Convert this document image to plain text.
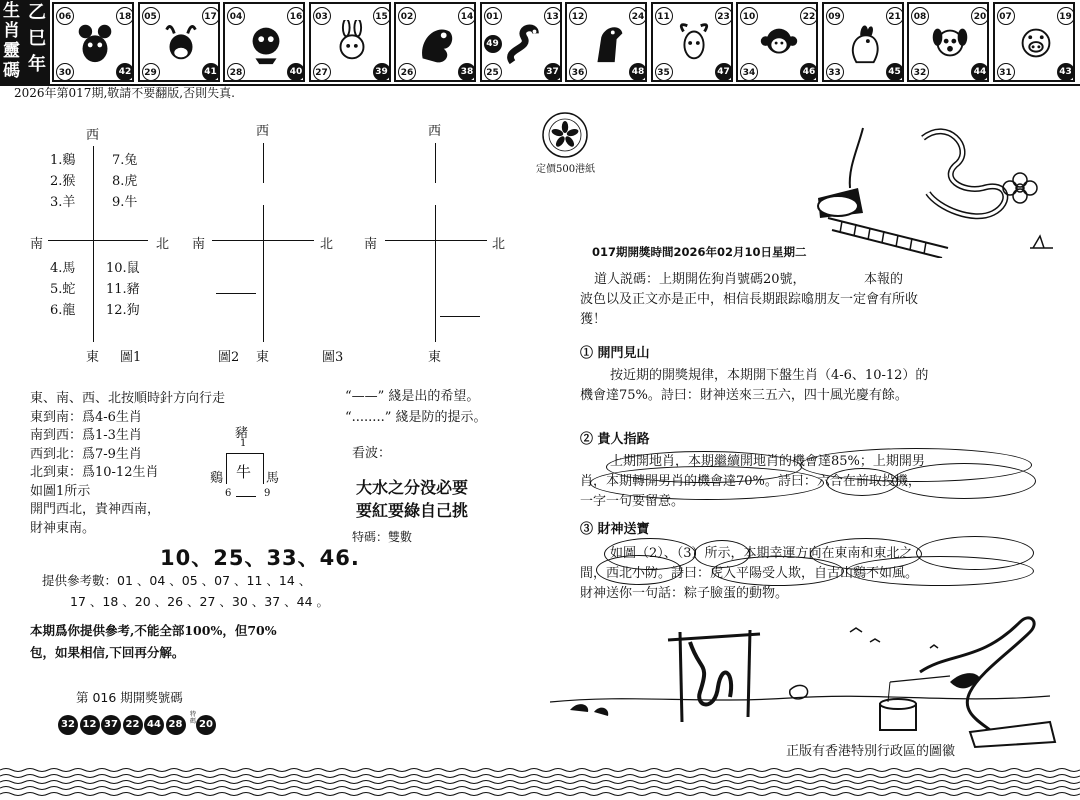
乙
巳
年
生
肖
靈
碼
06	18
30	42
05	17
29	41
04	16
28	40
03	15
27	39
02	14
26	38
01	13
25	37
49
12	24
36	48
11	23
35	47
10	22
34	46
09	21
33	45
08	20
32	44
07	19
31	43
2026年第017期,敬請不要翻版,否則失真.
西
南	北
東 圖1
1.鷄
2.猴
3.羊
7.兔
8.虎
9.牛
4.馬
5.蛇
6.龍
10.鼠
11.豬
12.狗
西
南	北
圖2 東
西
南	北
圖3	東
東、南、西、北按順時針方向行走
東到南：爲4-6生肖
南到西：爲1-3生肖
西到北：爲7-9生肖
北到東：爲10-12生肖
如圖1所示
開門西北，貴神西南，
財神東南。
豬
1
牛
鷄	馬
6	9
“——” 綫是出的希望。
“........” 綫是防的提示。
看波：
大水之分没必要
要紅要綠自己挑
特碼：雙數
10、25、33、46.
提供參考數：01 、04 、05 、07 、11 、14 、
17 、18 、20 、26 、27 、30 、37 、44 。
本期爲你提供參考,不能全部100%，但70%
包，如果相信,下回再分解。
第 016 期開獎號碼
32 12 37 22 44 28	20
特碼
定價500港紙
017期開獎時間2026年02月10日星期二
道人説碼：上期開佐狗肖號碼20號，　　　　　本報的
波色以及正文亦是正中，相信長期跟踪噏朋友一定會有所收
獲！
① 開門見山
按近期的開獎規律，本期開下盤生肖（4-6、10-12）的
機會達75%。詩曰：財神送來三五六，四十風光慶有餘。
② 貴人指路
上期開地肖，本期繼續開地肖的機會達85%；上期開男
肖，本期轉開男肖的機會達70%。詩曰：六合在前取投機，
一字一句要留意。
③ 財神送寶
如圖（2）、（3）所示，本期幸運方向在東南和東北之
間，西北小防。詩曰：虎入平陽受人欺，自古山鷄不如風。
財神送你一句話：粽子臉蛋的動物。
正版有香港特別行政區的圖徽
